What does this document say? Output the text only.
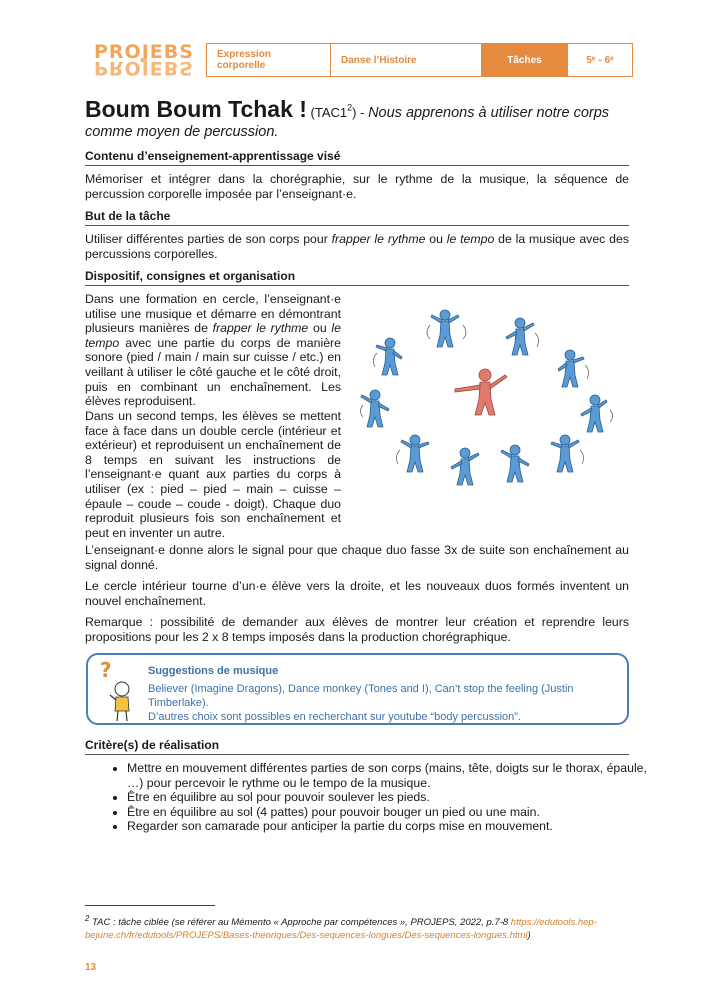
PROJEBS
PROJEBS
Expression corporelle	Danse l’Histoire	Tâches	5ᵉ - 6ᵉ
Boum Boum Tchak ! $(TAC1^2)$ - Nous apprenons à utiliser notre corps
comme moyen de percussion.
Contenu d’enseignement-apprentissage visé
Mémoriser et intégrer dans la chorégraphie, sur le rythme de la musique, la séquence de percussion corporelle imposée par l’enseignant·e.
But de la tâche
Utiliser différentes parties de son corps pour frapper le rythme ou le tempo de la musique avec des percussions corporelles.
Dispositif, consignes et organisation
Dans une formation en cercle, l’enseignant·e utilise une musique et démarre en démontrant plusieurs manières de frapper le rythme ou le tempo avec une partie du corps de manière sonore (pied / main / main sur cuisse / etc.) en veillant à utiliser le côté gauche et le côté droit, puis en combinant un enchaînement. Les élèves reproduisent.
Dans un second temps, les élèves se mettent face à face dans un double cercle (intérieur et extérieur) et reproduisent un enchaînement de 8 temps en suivant les instructions de l’enseignant·e quant aux parties du corps à utiliser (ex : pied – pied – main – cuisse – épaule – coude – coude - doigt). Chaque duo reproduit plusieurs fois son enchaînement et peut en inventer un autre.
L’enseignant·e donne alors le signal pour que chaque duo fasse 3x de suite son enchaînement au signal donné.
Le cercle intérieur tourne d’un·e élève vers la droite, et les nouveaux duos formés inventent un nouvel enchaînement.
Remarque : possibilité de demander aux élèves de montrer leur création et reprendre leurs propositions pour les 2 x 8 temps imposés dans la production chorégraphique.
?	Suggestions de musique
Believer (Imagine Dragons), Dance monkey (Tones and I), Can’t stop the feeling (Justin Timberlake).
D’autres choix sont possibles en recherchant sur youtube “body percussion”.
Critère(s) de réalisation
• Mettre en mouvement différentes parties de son corps (mains, tête, doigts sur le thorax, épaule, …) pour percevoir le rythme ou le tempo de la musique.
• Être en équilibre au sol pour pouvoir soulever les pieds.
• Être en équilibre au sol (4 pattes) pour pouvoir bouger un pied ou une main.
• Regarder son camarade pour anticiper la partie du corps mise en mouvement.
$^2$ TAC : tâche ciblée (se référer au Mémento « Approche par compétences », PROJEPS, 2022, p.7-8 https://edutools.hep-bejune.ch/fr/edutools/PROJEPS/Bases-theoriques/Des-sequences-longues/Des-sequences-longues.html)
13
